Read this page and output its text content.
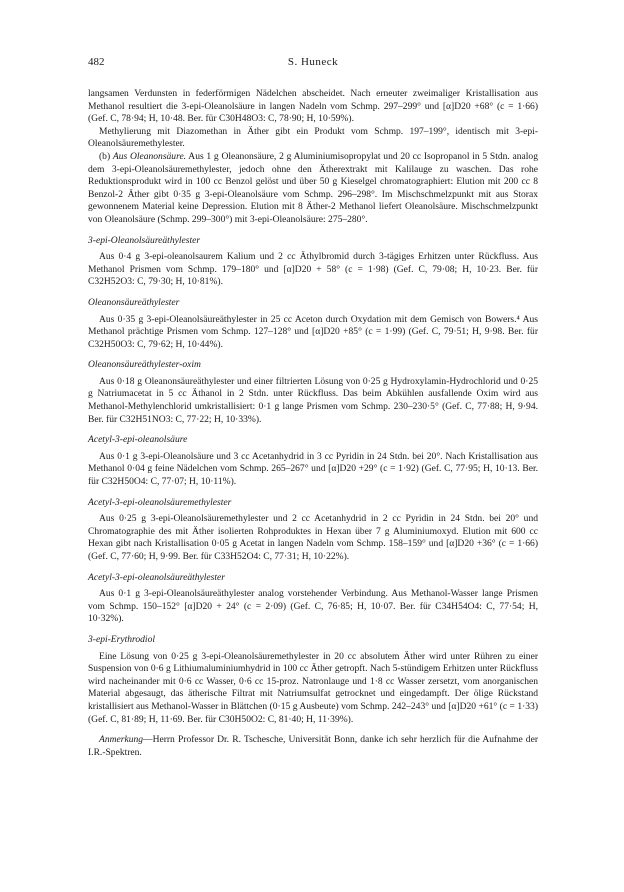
482	S. Huneck

langsamen Verdunsten in federförmigen Nädelchen abscheidet. Nach erneuter zweimaliger Kristallisation aus Methanol resultiert die 3-epi-Oleanolsäure in langen Nadeln vom Schmp. 297–299° und [α]D20 +68° (c = 1·66) (Gef. C, 78·94; H, 10·48. Ber. für C30H48O3: C, 78·90; H, 10·59%).

Methylierung mit Diazomethan in Äther gibt ein Produkt vom Schmp. 197–199°, identisch mit 3-epi-Oleanolsäuremethylester.

(b) Aus Oleanonsäure. Aus 1 g Oleanonsäure, 2 g Aluminiumisopropylat und 20 cc Isopropanol in 5 Stdn. analog dem 3-epi-Oleanolsäuremethylester, jedoch ohne den Ätherextrakt mit Kalilauge zu waschen. Das rohe Reduktionsprodukt wird in 100 cc Benzol gelöst und über 50 g Kieselgel chromatographiert: Elution mit 200 cc 8 Benzol-2 Äther gibt 0·35 g 3-epi-Oleanolsäure vom Schmp. 296–298°. Im Mischschmelzpunkt mit aus Storax gewonnenem Material keine Depression. Elution mit 8 Äther-2 Methanol liefert Oleanolsäure. Mischschmelzpunkt von Oleanolsäure (Schmp. 299–300°) mit 3-epi-Oleanolsäure: 275–280°.

3-epi-Oleanolsäureäthylester

Aus 0·4 g 3-epi-oleanolsaurem Kalium und 2 cc Äthylbromid durch 3-tägiges Erhitzen unter Rückfluss. Aus Methanol Prismen vom Schmp. 179–180° und [α]D20 + 58° (c = 1·98) (Gef. C, 79·08; H, 10·23. Ber. für C32H52O3: C, 79·30; H, 10·81%).

Oleanonsäureäthylester

Aus 0·35 g 3-epi-Oleanolsäureäthylester in 25 cc Aceton durch Oxydation mit dem Gemisch von Bowers.⁴ Aus Methanol prächtige Prismen vom Schmp. 127–128° und [α]D20 +85° (c = 1·99) (Gef. C, 79·51; H, 9·98. Ber. für C32H50O3: C, 79·62; H, 10·44%).

Oleanonsäureäthylester-oxim

Aus 0·18 g Oleanonsäureäthylester und einer filtrierten Lösung von 0·25 g Hydroxylamin-Hydrochlorid und 0·25 g Natriumacetat in 5 cc Äthanol in 2 Stdn. unter Rückfluss. Das beim Abkühlen ausfallende Oxim wird aus Methanol-Methylenchlorid umkristallisiert: 0·1 g lange Prismen vom Schmp. 230–230·5° (Gef. C, 77·88; H, 9·94. Ber. für C32H51NO3: C, 77·22; H, 10·33%).

Acetyl-3-epi-oleanolsäure

Aus 0·1 g 3-epi-Oleanolsäure und 3 cc Acetanhydrid in 3 cc Pyridin in 24 Stdn. bei 20°. Nach Kristallisation aus Methanol 0·04 g feine Nädelchen vom Schmp. 265–267° und [α]D20 +29° (c = 1·92) (Gef. C, 77·95; H, 10·13. Ber. für C32H50O4: C, 77·07; H, 10·11%).

Acetyl-3-epi-oleanolsäuremethylester

Aus 0·25 g 3-epi-Oleanolsäuremethylester und 2 cc Acetanhydrid in 2 cc Pyridin in 24 Stdn. bei 20° und Chromatographie des mit Äther isolierten Rohproduktes in Hexan über 7 g Aluminiumoxyd. Elution mit 600 cc Hexan gibt nach Kristallisation 0·05 g Acetat in langen Nadeln vom Schmp. 158–159° und [α]D20 +36° (c = 1·66) (Gef. C, 77·60; H, 9·99. Ber. für C33H52O4: C, 77·31; H, 10·22%).

Acetyl-3-epi-oleanolsäureäthylester

Aus 0·1 g 3-epi-Oleanolsäureäthylester analog vorstehender Verbindung. Aus Methanol-Wasser lange Prismen vom Schmp. 150–152° [α]D20 + 24° (c = 2·09) (Gef. C, 76·85; H, 10·07. Ber. für C34H54O4: C, 77·54; H, 10·32%).

3-epi-Erythrodiol

Eine Lösung von 0·25 g 3-epi-Oleanolsäuremethylester in 20 cc absolutem Äther wird unter Rühren zu einer Suspension von 0·6 g Lithiumaluminiumhydrid in 100 cc Äther getropft. Nach 5-stündigem Erhitzen unter Rückfluss wird nacheinander mit 0·6 cc Wasser, 0·6 cc 15-proz. Natronlauge und 1·8 cc Wasser zersetzt, vom anorganischen Material abgesaugt, das ätherische Filtrat mit Natriumsulfat getrocknet und eingedampft. Der ölige Rückstand kristallisiert aus Methanol-Wasser in Blättchen (0·15 g Ausbeute) vom Schmp. 242–243° und [α]D20 +61° (c = 1·33) (Gef. C, 81·89; H, 11·69. Ber. für C30H50O2: C, 81·40; H, 11·39%).

Anmerkung—Herrn Professor Dr. R. Tschesche, Universität Bonn, danke ich sehr herzlich für die Aufnahme der I.R.-Spektren.
